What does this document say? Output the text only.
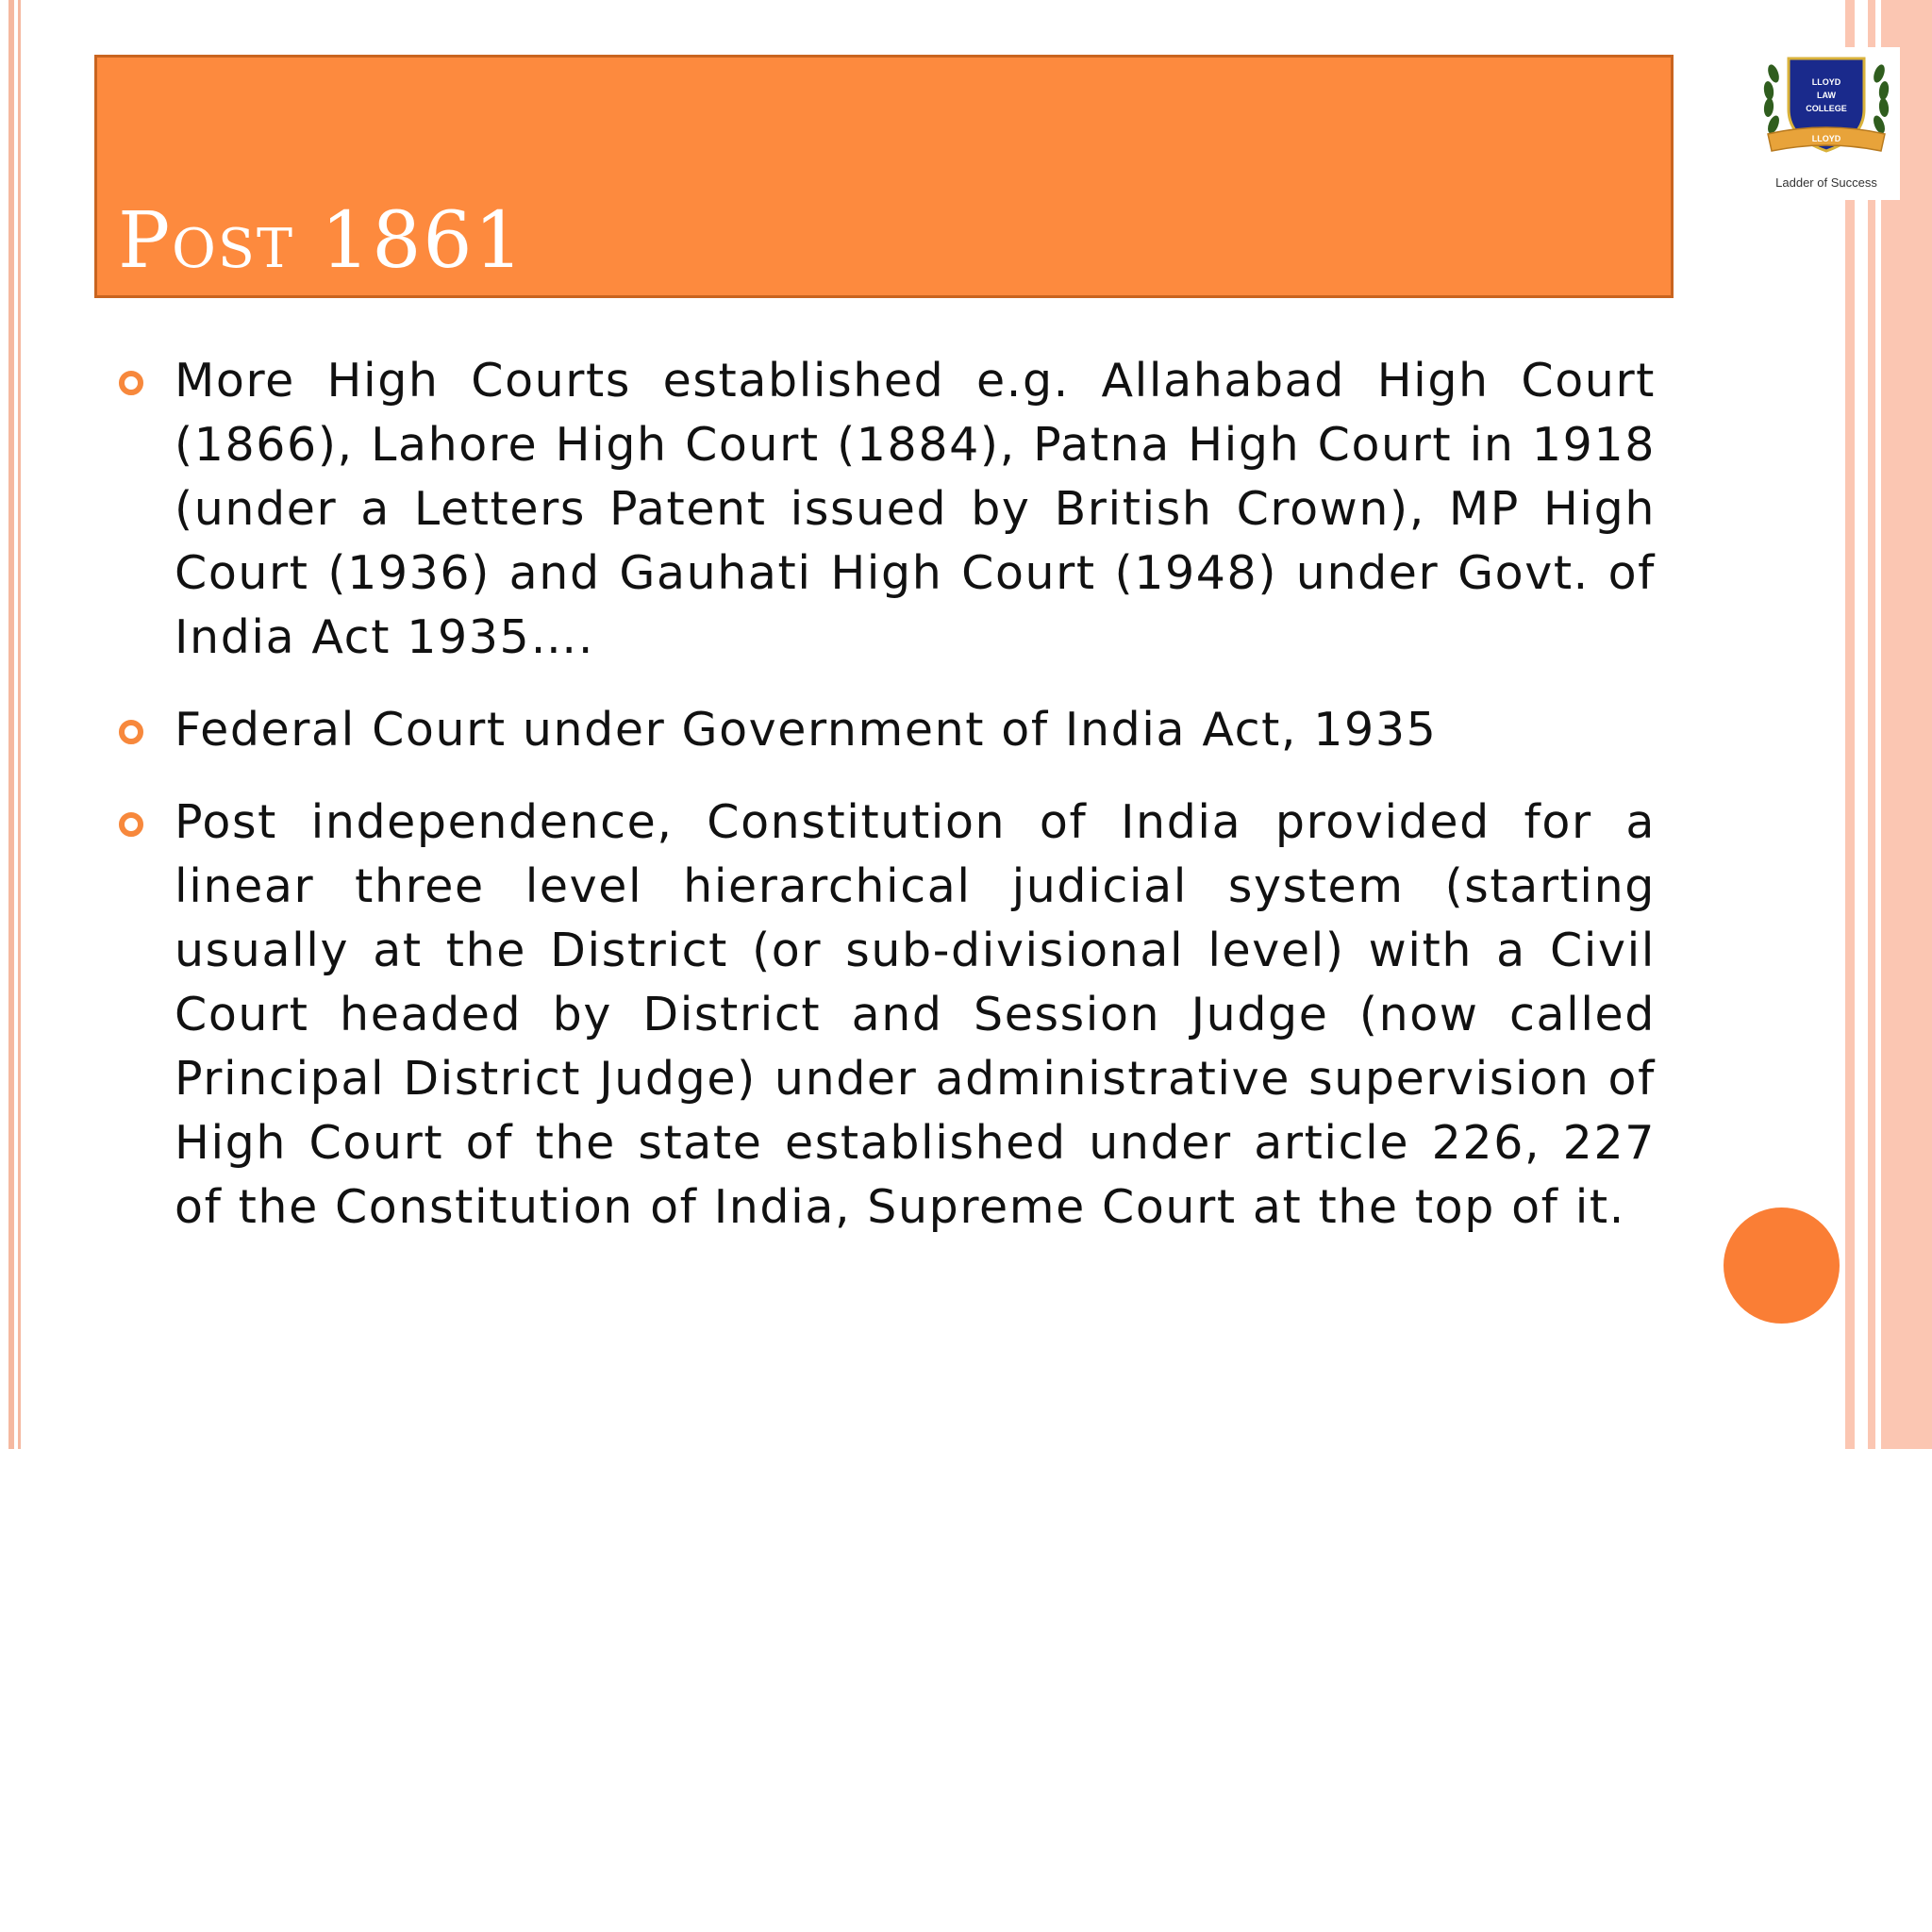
Post 1861
LLOYD
LAW
COLLEGE
LLOYD
Ladder of Success
More High Courts established e.g. Allahabad High Court (1866), Lahore High Court (1884), Patna High Court in 1918 (under a Letters Patent issued by British Crown), MP High Court (1936) and Gauhati High Court (1948) under Govt. of India Act 1935….
Federal Court under Government of India Act, 1935
Post independence, Constitution of India provided for a linear three level hierarchical judicial system (starting usually at the District (or sub-divisional level) with a Civil Court headed by District and Session Judge (now called Principal District Judge) under administrative supervision of High Court of the state established under article 226, 227 of the Constitution of India, Supreme Court at the top of it.
